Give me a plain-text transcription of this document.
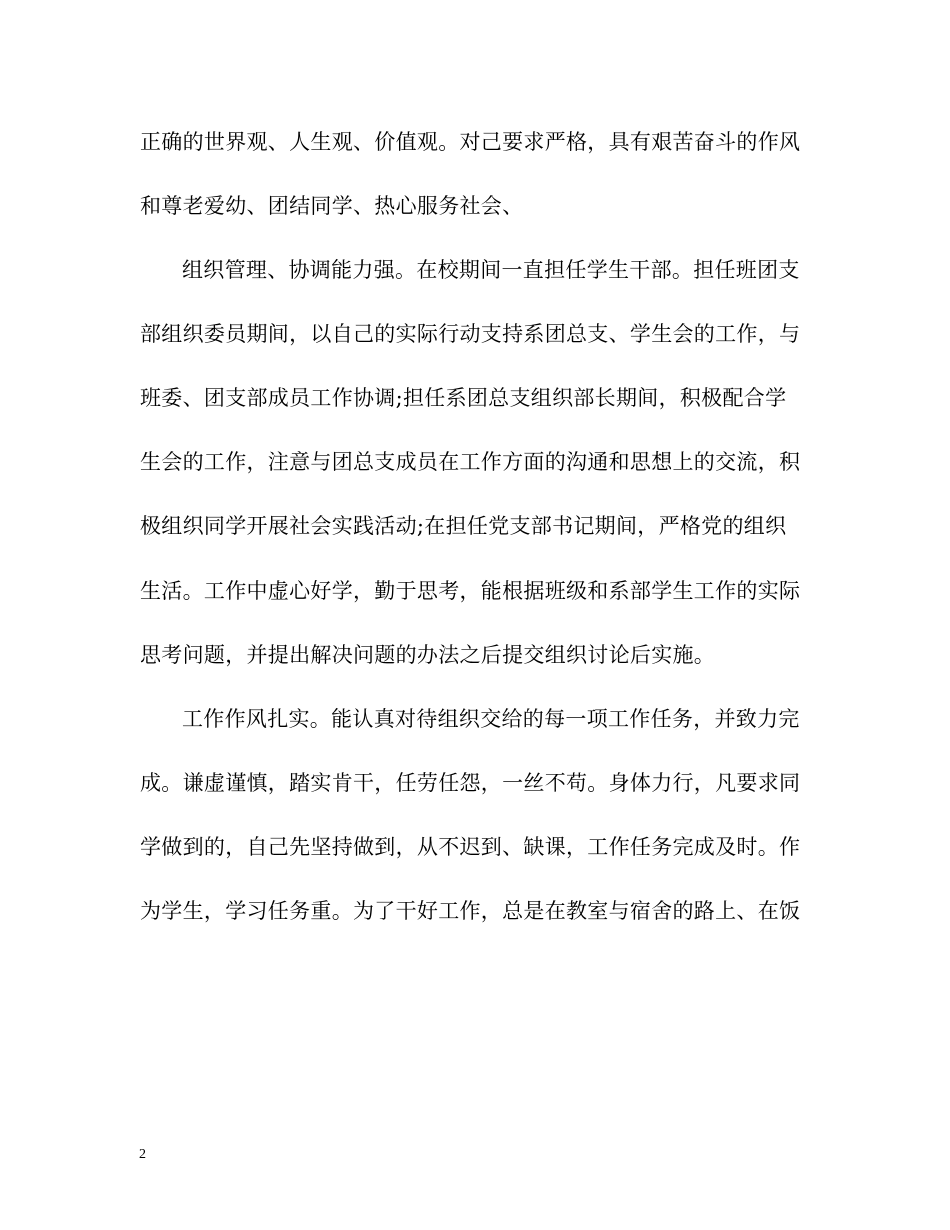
正确的世界观、人生观、价值观。对己要求严格，具有艰苦奋斗的作风
和尊老爱幼、团结同学、热心服务社会、
组织管理、协调能力强。在校期间一直担任学生干部。担任班团支
部组织委员期间，以自己的实际行动支持系团总支、学生会的工作，与
班委、团支部成员工作协调;担任系团总支组织部长期间，积极配合学
生会的工作，注意与团总支成员在工作方面的沟通和思想上的交流，积
极组织同学开展社会实践活动;在担任党支部书记期间，严格党的组织
生活。工作中虚心好学，勤于思考，能根据班级和系部学生工作的实际
思考问题，并提出解决问题的办法之后提交组织讨论后实施。
工作作风扎实。能认真对待组织交给的每一项工作任务，并致力完
成。谦虚谨慎，踏实肯干，任劳任怨，一丝不苟。身体力行，凡要求同
学做到的，自己先坚持做到，从不迟到、缺课，工作任务完成及时。作
为学生，学习任务重。为了干好工作，总是在教室与宿舍的路上、在饭
2
